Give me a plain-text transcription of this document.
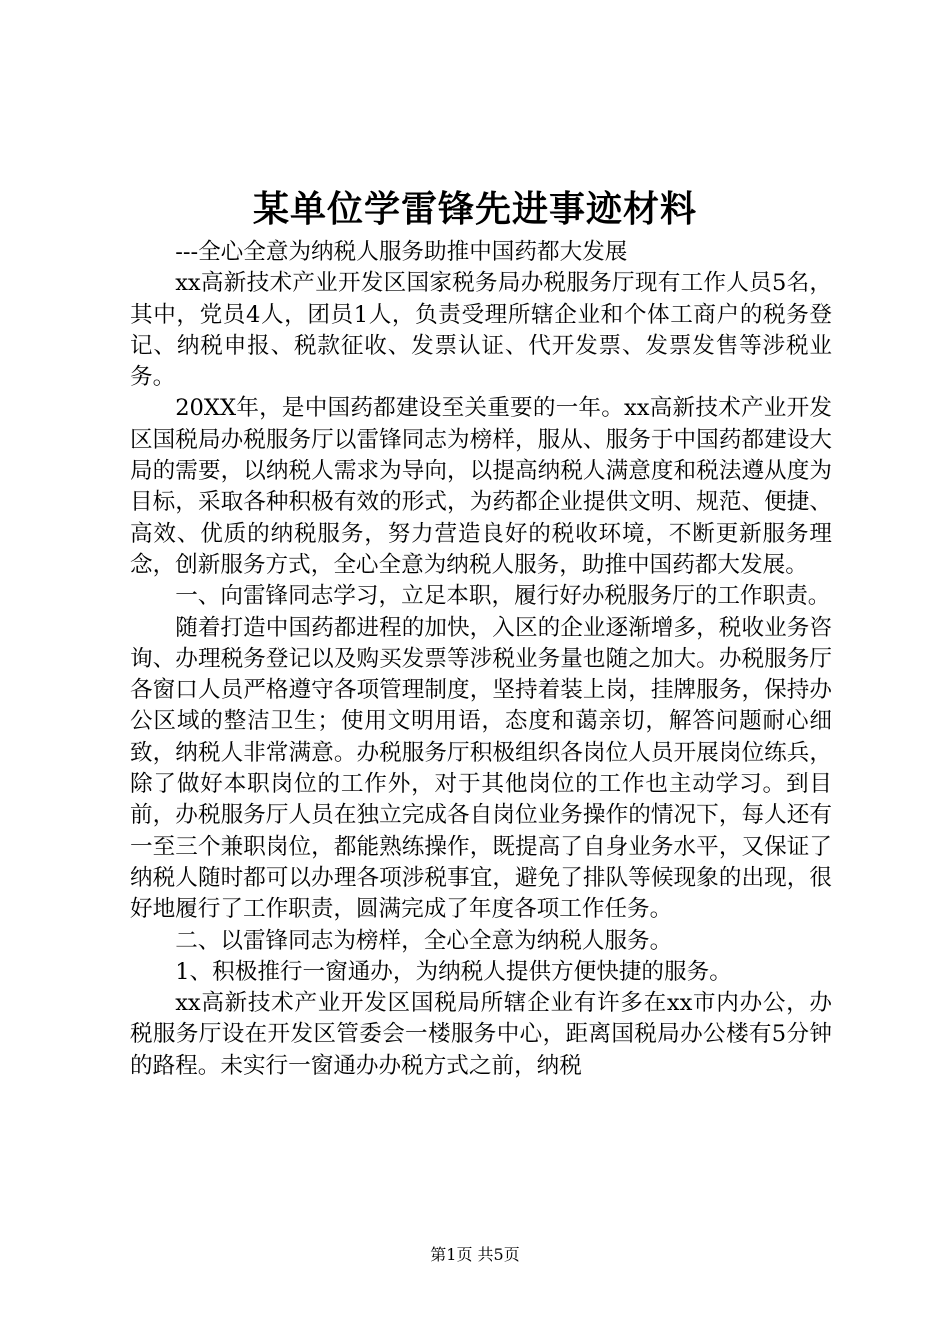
某单位学雷锋先进事迹材料

---全心全意为纳税人服务助推中国药都大发展

xx高新技术产业开发区国家税务局办税服务厅现有工作人员5名，其中，党员4人，团员1人，负责受理所辖企业和个体工商户的税务登记、纳税申报、税款征收、发票认证、代开发票、发票发售等涉税业务。

20XX年，是中国药都建设至关重要的一年。xx高新技术产业开发区国税局办税服务厅以雷锋同志为榜样，服从、服务于中国药都建设大局的需要，以纳税人需求为导向，以提高纳税人满意度和税法遵从度为目标，采取各种积极有效的形式，为药都企业提供文明、规范、便捷、高效、优质的纳税服务，努力营造良好的税收环境，不断更新服务理念，创新服务方式，全心全意为纳税人服务，助推中国药都大发展。

一、向雷锋同志学习，立足本职，履行好办税服务厅的工作职责。

随着打造中国药都进程的加快，入区的企业逐渐增多，税收业务咨询、办理税务登记以及购买发票等涉税业务量也随之加大。办税服务厅各窗口人员严格遵守各项管理制度，坚持着装上岗，挂牌服务，保持办公区域的整洁卫生；使用文明用语，态度和蔼亲切，解答问题耐心细致，纳税人非常满意。办税服务厅积极组织各岗位人员开展岗位练兵，除了做好本职岗位的工作外，对于其他岗位的工作也主动学习。到目前，办税服务厅人员在独立完成各自岗位业务操作的情况下，每人还有一至三个兼职岗位，都能熟练操作，既提高了自身业务水平，又保证了纳税人随时都可以办理各项涉税事宜，避免了排队等候现象的出现，很好地履行了工作职责，圆满完成了年度各项工作任务。

二、以雷锋同志为榜样，全心全意为纳税人服务。

1、积极推行一窗通办，为纳税人提供方便快捷的服务。

xx高新技术产业开发区国税局所辖企业有许多在xx市内办公，办税服务厅设在开发区管委会一楼服务中心，距离国税局办公楼有5分钟的路程。未实行一窗通办办税方式之前，纳税

第1页 共5页
